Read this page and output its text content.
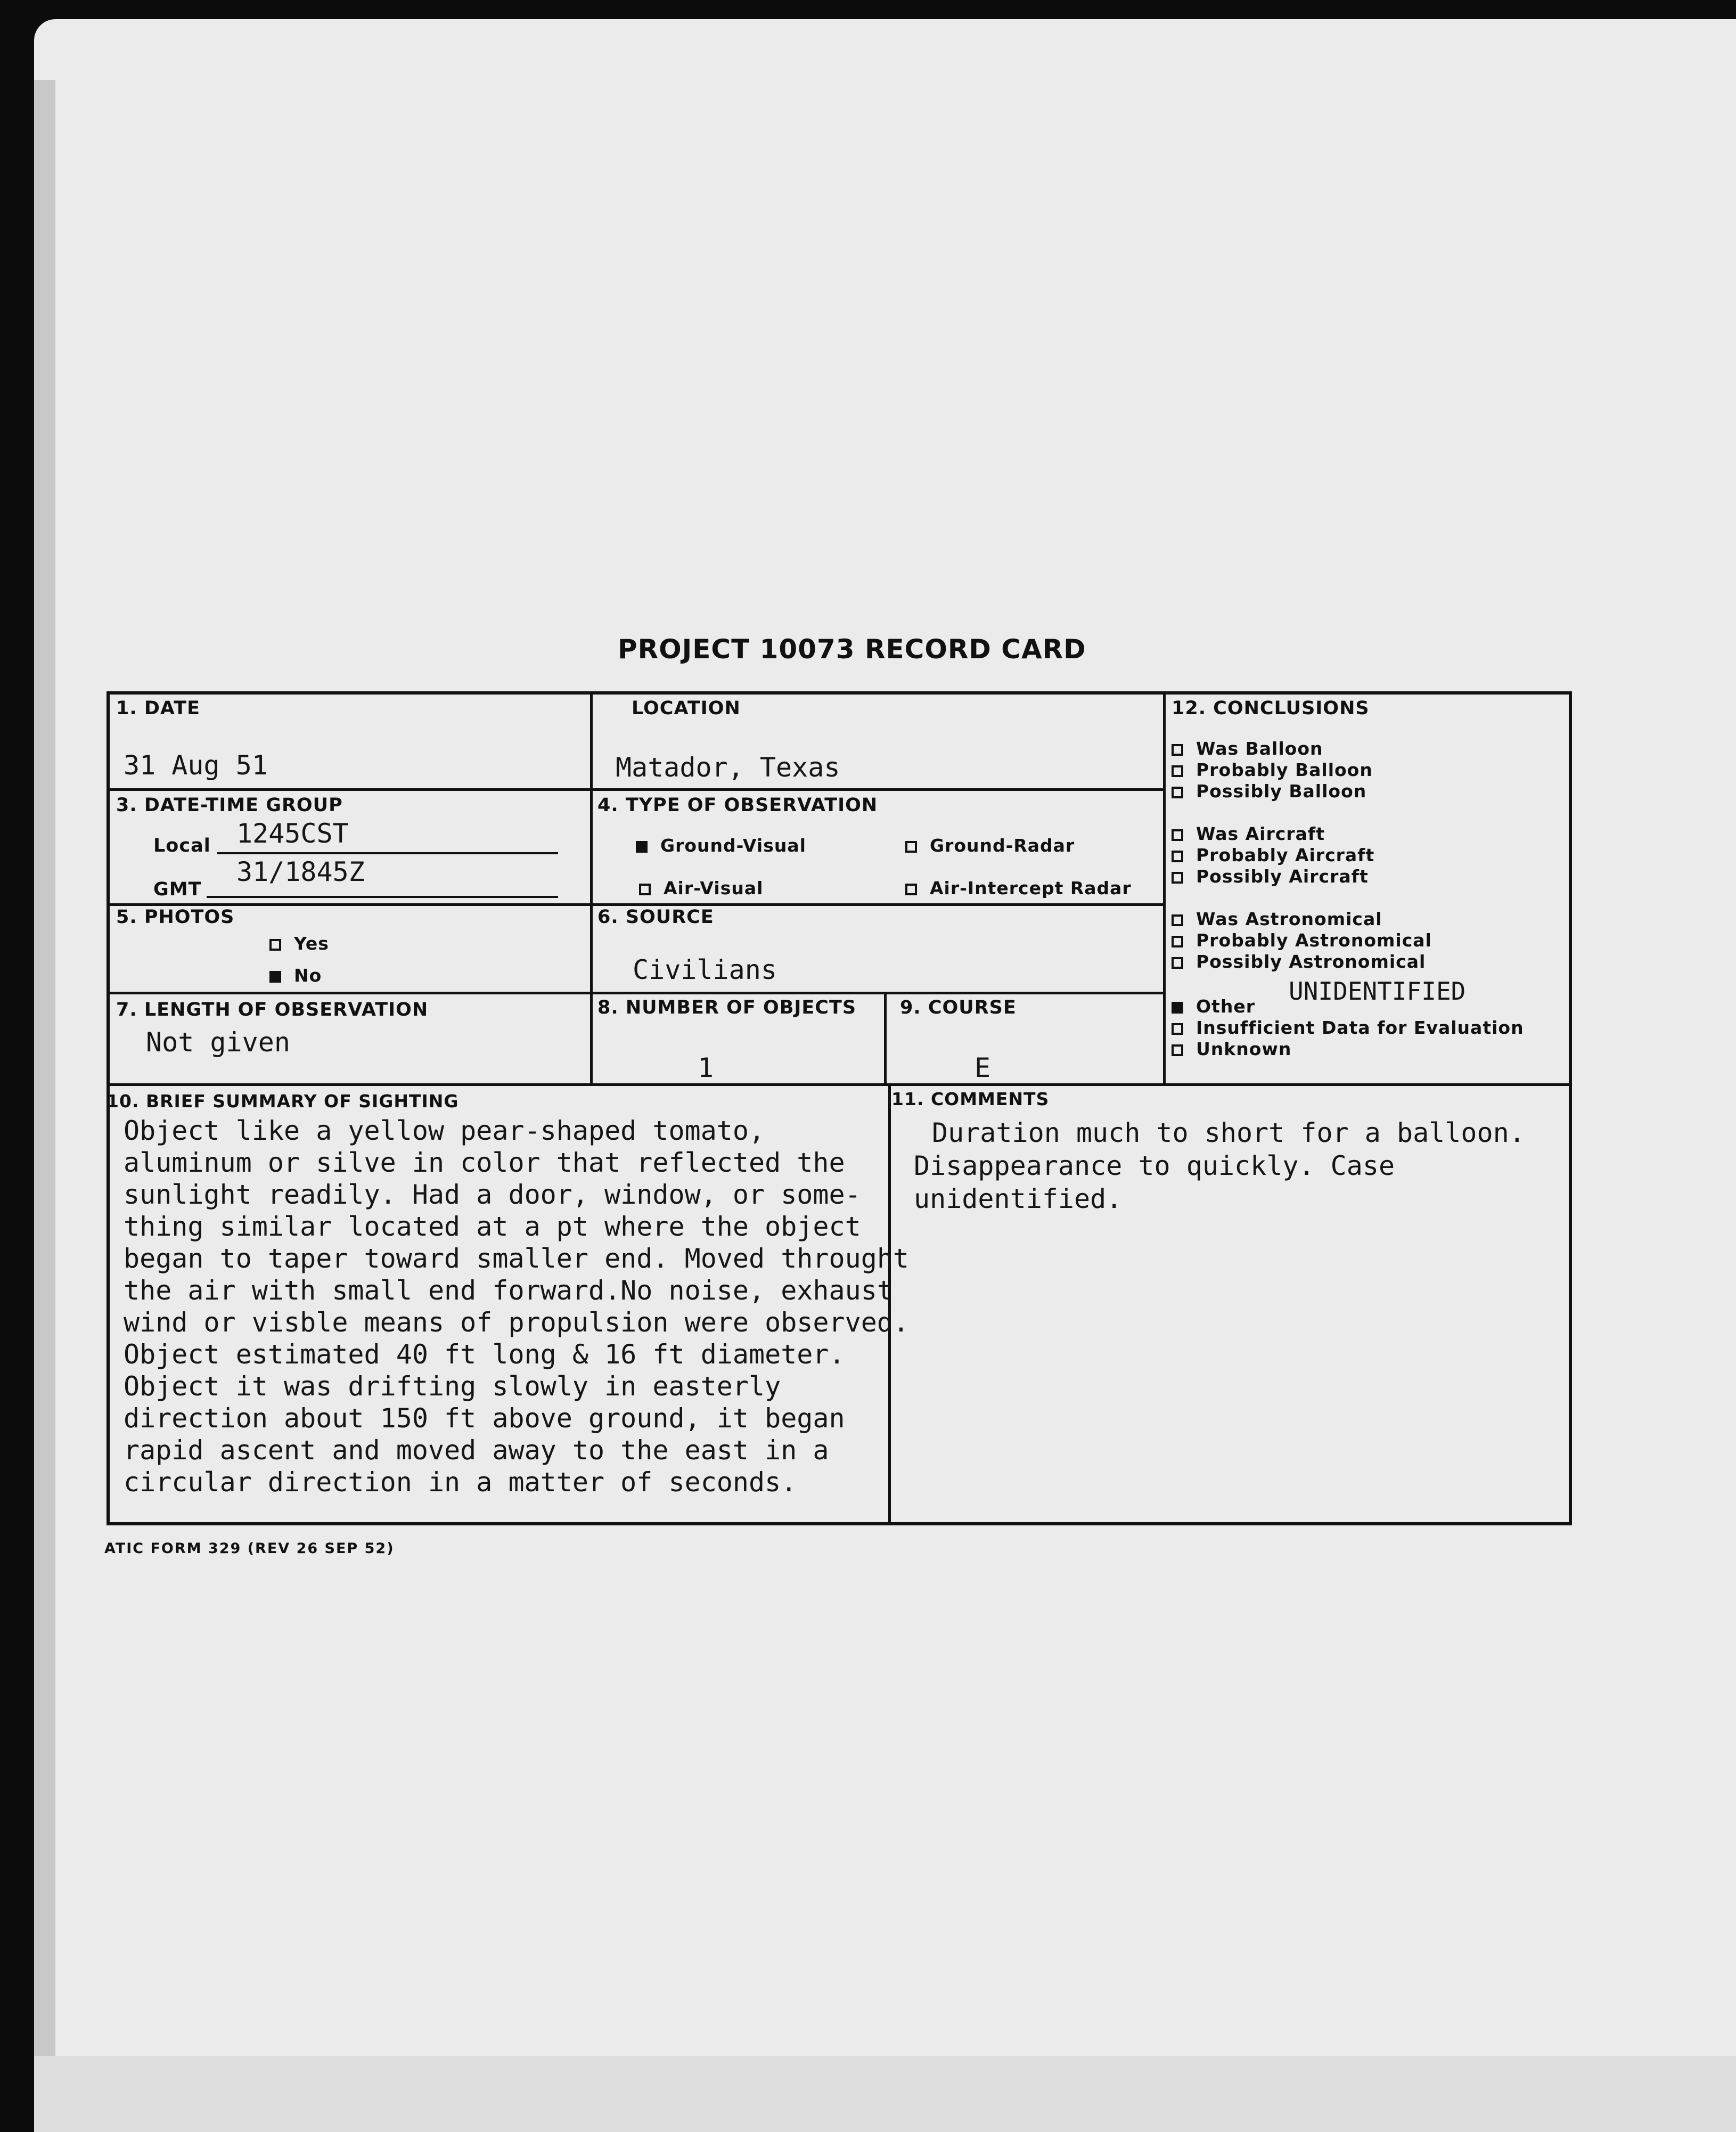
PROJECT 10073 RECORD CARD
1. DATE
31 Aug 51
LOCATION
Matador, Texas
3. DATE-TIME GROUP
Local 1245CST
GMT
31/1845Z
4. TYPE OF OBSERVATION
Ground-Visual	Ground-Radar
Air-Visual	Air-Intercept Radar
5. PHOTOS
Yes
No
6. SOURCE
Civilians
7. LENGTH OF OBSERVATION
Not given
8. NUMBER OF OBJECTS
1
9. COURSE
E
12. CONCLUSIONS
Was Balloon
Probably Balloon
Possibly Balloon
Was Aircraft
Probably Aircraft
Possibly Aircraft
Was Astronomical
Probably Astronomical
Possibly Astronomical
UNIDENTIFIED
Other
Insufficient Data for Evaluation
Unknown
10. BRIEF SUMMARY OF SIGHTING
Object like a yellow pear-shaped tomato,
aluminum or silve in color that reflected the
sunlight readily. Had a door, window, or some-
thing similar located at a pt where the object
began to taper toward smaller end. Moved throught
the air with small end forward.No noise, exhaust
wind or visble means of propulsion were observed.
Object estimated 40 ft long & 16 ft diameter.
Object it was drifting slowly in easterly
direction about 150 ft above ground, it began
rapid ascent and moved away to the east in a
circular direction in a matter of seconds.
11. COMMENTS
Duration much to short for a balloon.
Disappearance to quickly. Case
unidentified.
ATIC FORM 329 (REV 26 SEP 52)
